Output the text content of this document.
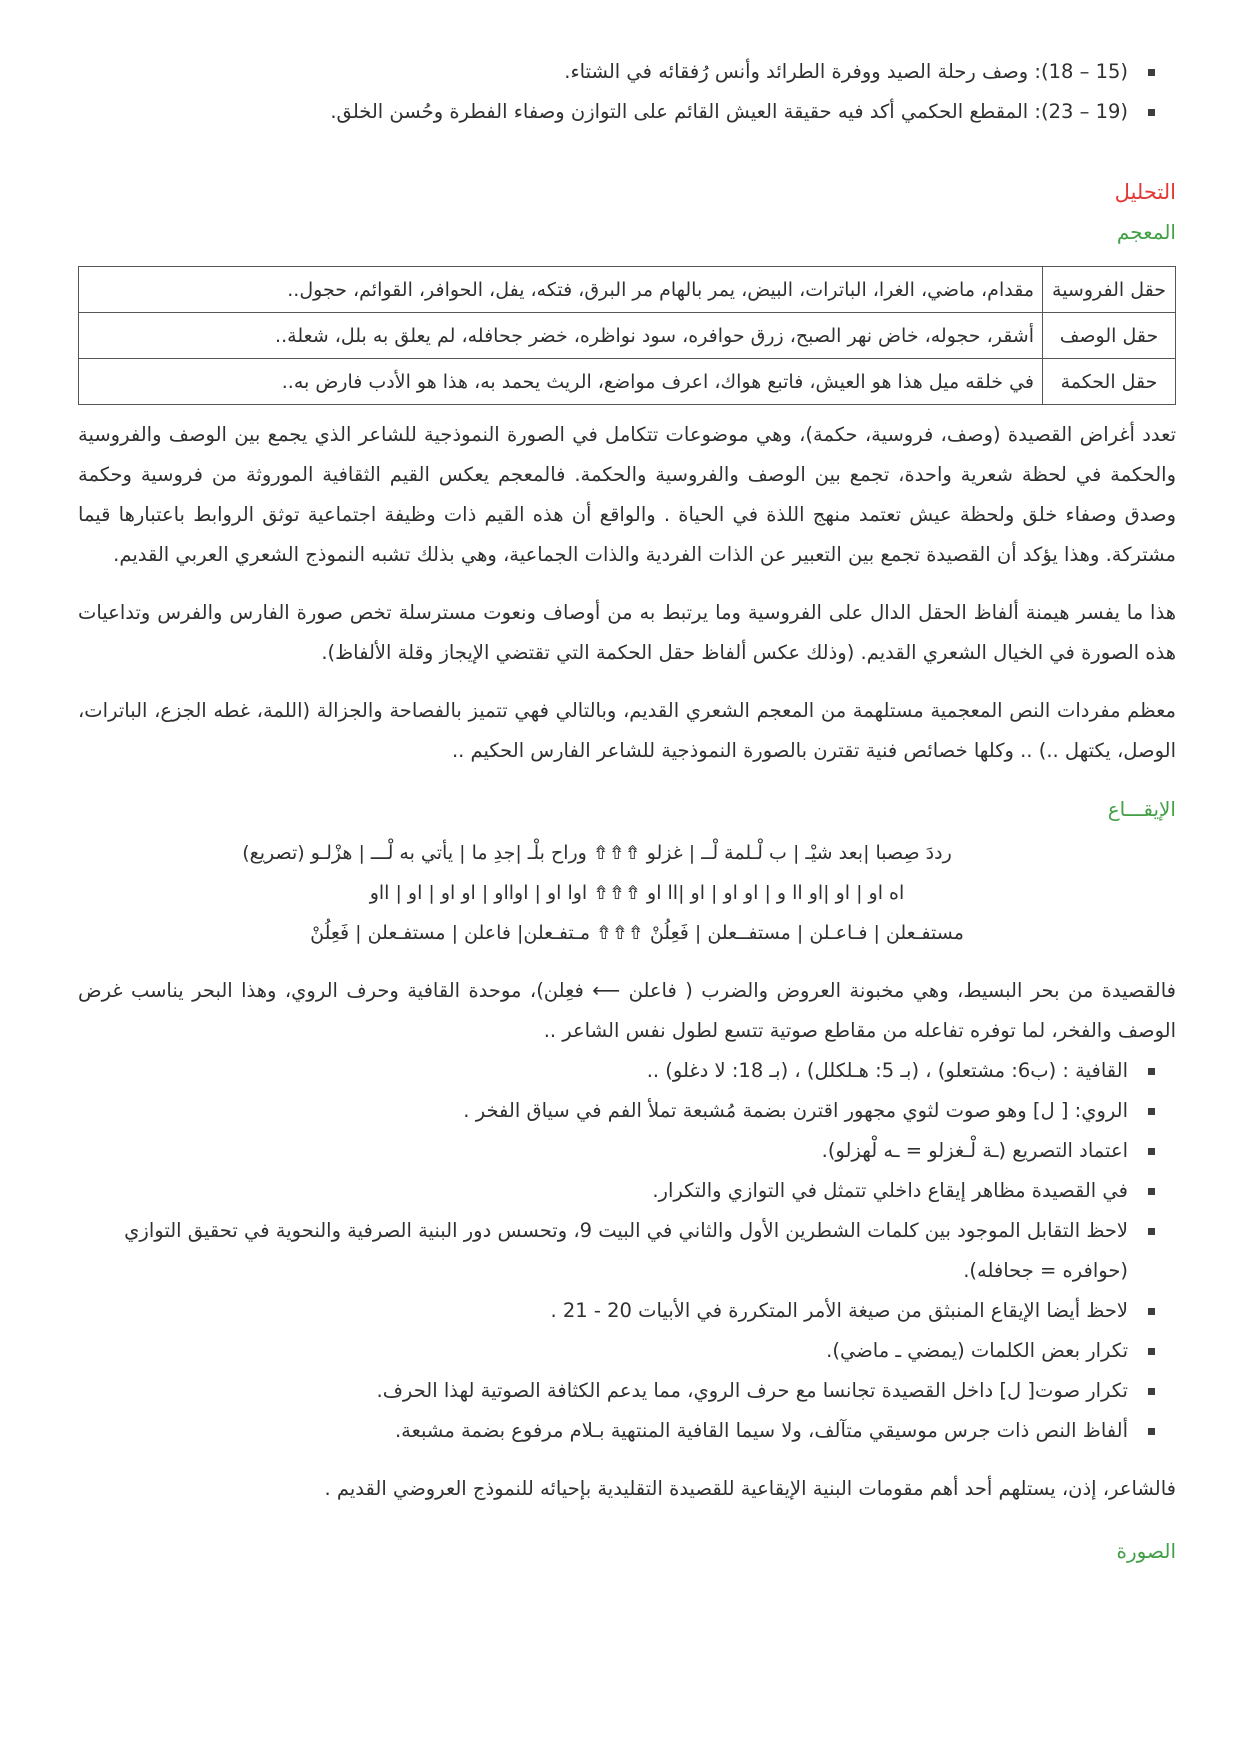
(15 – 18): وصف رحلة الصيد ووفرة الطرائد وأنس رُفقائه في الشتاء.
(19 – 23): المقطع الحكمي أكد فيه حقيقة العيش القائم على التوازن وصفاء الفطرة وحُسن الخلق.
التحليل
المعجم
حقل الفروسية	مقدام، ماضي، الغرا، الباترات، البيض، يمر بالهام مر البرق، فتكه، يفل، الحوافر، القوائم، حجول..
حقل الوصف	أشقر، حجوله، خاض نهر الصبح، زرق حوافره، سود نواظره، خضر جحافله، لم يعلق به بلل، شعلة..
حقل الحكمة	في خلقه ميل هذا هو العيش، فاتبع هواك، اعرف مواضع، الريث يحمد به، هذا هو الأدب فارض به..

تعدد أغراض القصيدة (وصف، فروسية، حكمة)، وهي موضوعات تتكامل في الصورة النموذجية للشاعر الذي يجمع بين الوصف والفروسية والحكمة في لحظة شعرية واحدة، تجمع بين الوصف والفروسية والحكمة. فالمعجم يعكس القيم الثقافية الموروثة من فروسية وحكمة وصدق وصفاء خلق ولحظة عيش تعتمد منهج اللذة في الحياة . والواقع أن هذه القيم ذات وظيفة اجتماعية توثق الروابط باعتبارها قيما مشتركة. وهذا يؤكد أن القصيدة تجمع بين التعبير عن الذات الفردية والذات الجماعية، وهي بذلك تشبه النموذج الشعري العربي القديم.

هذا ما يفسر هيمنة ألفاظ الحقل الدال على الفروسية وما يرتبط به من أوصاف ونعوت مسترسلة تخص صورة الفارس والفرس وتداعيات هذه الصورة في الخيال الشعري القديم. (وذلك عكس ألفاظ حقل الحكمة التي تقتضي الإيجاز وقلة الألفاظ).

معظم مفردات النص المعجمية مستلهمة من المعجم الشعري القديم، وبالتالي فهي تتميز بالفصاحة والجزالة (اللمة، غطه الجزع، الباترات، الوصل، يكتهل ..) .. وكلها خصائص فنية تقترن بالصورة النموذجية للشاعر الفارس الحكيم ..

الإيقـــاع
رددَ صِصبا |بعد شيْـ | ب لْـلمة لْــ | غزلو ⇮⇮⇮ وراح بلْـ |جدِ ما | يأتي به لْـــ | هزْلـو (تصريع)
اه او | او |او اا و | او او | او |اا او ⇮⇮⇮ اوا او | اوااو | او او | او | ااو
مستفـعلن | فـاعـلن | مستفــعلن | فَعِلُنْ ⇮⇮⇮ مـتفـعلن| فاعلن | مستفـعلن | فَعِلُنْ

فالقصيدة من بحر البسيط، وهي مخبونة العروض والضرب ( فاعلن ⟵ فعِلن)، موحدة القافية وحرف الروي، وهذا البحر يناسب غرض الوصف والفخر، لما توفره تفاعله من مقاطع صوتية تتسع لطول نفس الشاعر ..

القافية : (ب6: مشتعلو) ، (بـ 5: هـلكلل) ، (بـ 18: لا دغلو) ..
الروي: [ ل] وهو صوت لثوي مجهور اقترن بضمة مُشبعة تملأ الفم في سياق الفخر .
اعتماد التصريع (ـة لْـغزلو = ـه لْهزلو).
في القصيدة مظاهر إيقاع داخلي تتمثل في التوازي والتكرار.
لاحظ التقابل الموجود بين كلمات الشطرين الأول والثاني في البيت 9، وتحسس دور البنية الصرفية والنحوية في تحقيق التوازي (حوافره = جحافله).
لاحظ أيضا الإيقاع المنبثق من صيغة الأمر المتكررة في الأبيات 20 - 21 .
تكرار بعض الكلمات (يمضي ـ ماضي).
تكرار صوت[ ل] داخل القصيدة تجانسا مع حرف الروي، مما يدعم الكثافة الصوتية لهذا الحرف.
ألفاظ النص ذات جرس موسيقي متآلف، ولا سيما القافية المنتهية بـلام مرفوع بضمة مشبعة.

فالشاعر، إذن، يستلهم أحد أهم مقومات البنية الإيقاعية للقصيدة التقليدية بإحيائه للنموذج العروضي القديم .

الصورة
